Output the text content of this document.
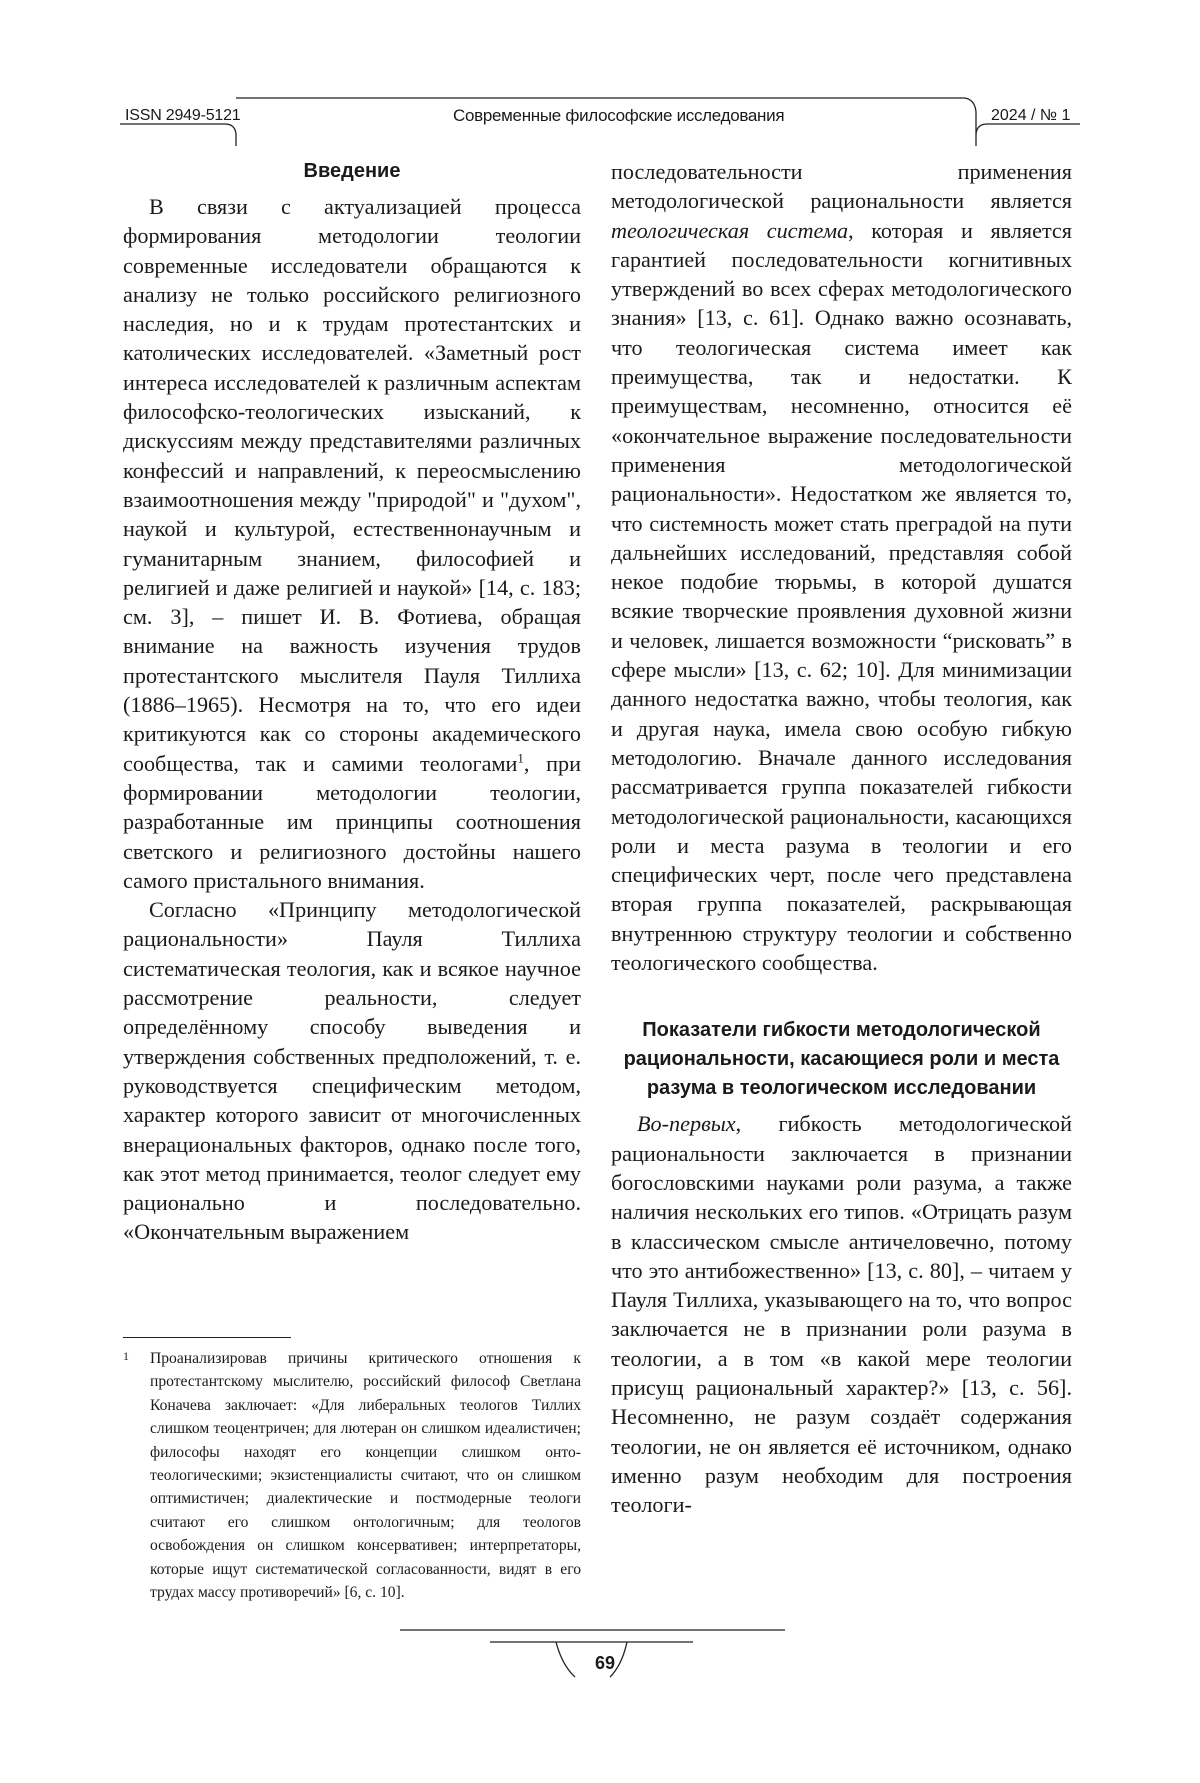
ISSN 2949-5121	Современные философские исследования	2024 / № 1
Введение

В связи с актуализацией процесса формирования методологии теологии современные исследователи обращаются к анализу не только российского религиозного наследия, но и к трудам протестантских и католических исследователей. «Заметный рост интереса исследователей к различным аспектам философско-теологических изысканий, к дискуссиям между представителями различных конфессий и направлений, к переосмыслению взаимоотношения между "природой" и "духом", наукой и культурой, естественнонаучным и гуманитарным знанием, философией и религией и даже религией и наукой» [14, с. 183; см. 3], – пишет И. В. Фотиева, обращая внимание на важность изучения трудов протестантского мыслителя Пауля Тиллиха (1886–1965). Несмотря на то, что его идеи критикуются как со стороны академического сообщества, так и самими теологами$^1$, при формировании методологии теологии, разработанные им принципы соотношения светского и религиозного достойны нашего самого пристального внимания.

Согласно «Принципу методологической рациональности» Пауля Тиллиха систематическая теология, как и всякое научное рассмотрение реальности, следует определённому способу выведения и утверждения собственных предположений, т. е. руководствуется специфическим методом, характер которого зависит от многочисленных внерациональных факторов, однако после того, как этот метод принимается, теолог следует ему рационально и последовательно. «Окончательным выражением

последовательности применения методологической рациональности является теологическая система, которая и является гарантией последовательности когнитивных утверждений во всех сферах методологического знания» [13, с. 61]. Однако важно осознавать, что теологическая система имеет как преимущества, так и недостатки. К преимуществам, несомненно, относится её «окончательное выражение последовательности применения методологической рациональности». Недостатком же является то, что системность может стать преградой на пути дальнейших исследований, представляя собой некое подобие тюрьмы, в которой душатся всякие творческие проявления духовной жизни и человек, лишается возможности “рисковать” в сфере мысли» [13, с. 62; 10]. Для минимизации данного недостатка важно, чтобы теология, как и другая наука, имела свою особую гибкую методологию. Вначале данного исследования рассматривается группа показателей гибкости методологической рациональности, касающихся роли и места разума в теологии и его специфических черт, после чего представлена вторая группа показателей, раскрывающая внутреннюю структуру теологии и собственно теологического сообщества.

Показатели гибкости методологической рациональности, касающиеся роли и места разума в теологическом исследовании

Во-первых, гибкость методологической рациональности заключается в признании богословскими науками роли разума, а также наличия нескольких его типов. «Отрицать разум в классическом смысле античеловечно, потому что это антибожественно» [13, с. 80], – читаем у Пауля Тиллиха, указывающего на то, что вопрос заключается не в признании роли разума в теологии, а в том «в какой мере теологии присущ рациональный характер?» [13, с. 56]. Несомненно, не разум создаёт содержания теологии, не он является её источником, однако именно разум необходим для построения теологи-

1 Проанализировав причины критического отношения к протестантскому мыслителю, российский философ Светлана Коначева заключает: «Для либеральных теологов Тиллих слишком теоцентричен; для лютеран он слишком идеалистичен; философы находят его концепции слишком онто-теологическими; экзистенциалисты считают, что он слишком оптимистичен; диалектические и постмодерные теологи считают его слишком онтологичным; для теологов освобождения он слишком консервативен; интерпретаторы, которые ищут систематической согласованности, видят в его трудах массу противоречий» [6, с. 10].

69
